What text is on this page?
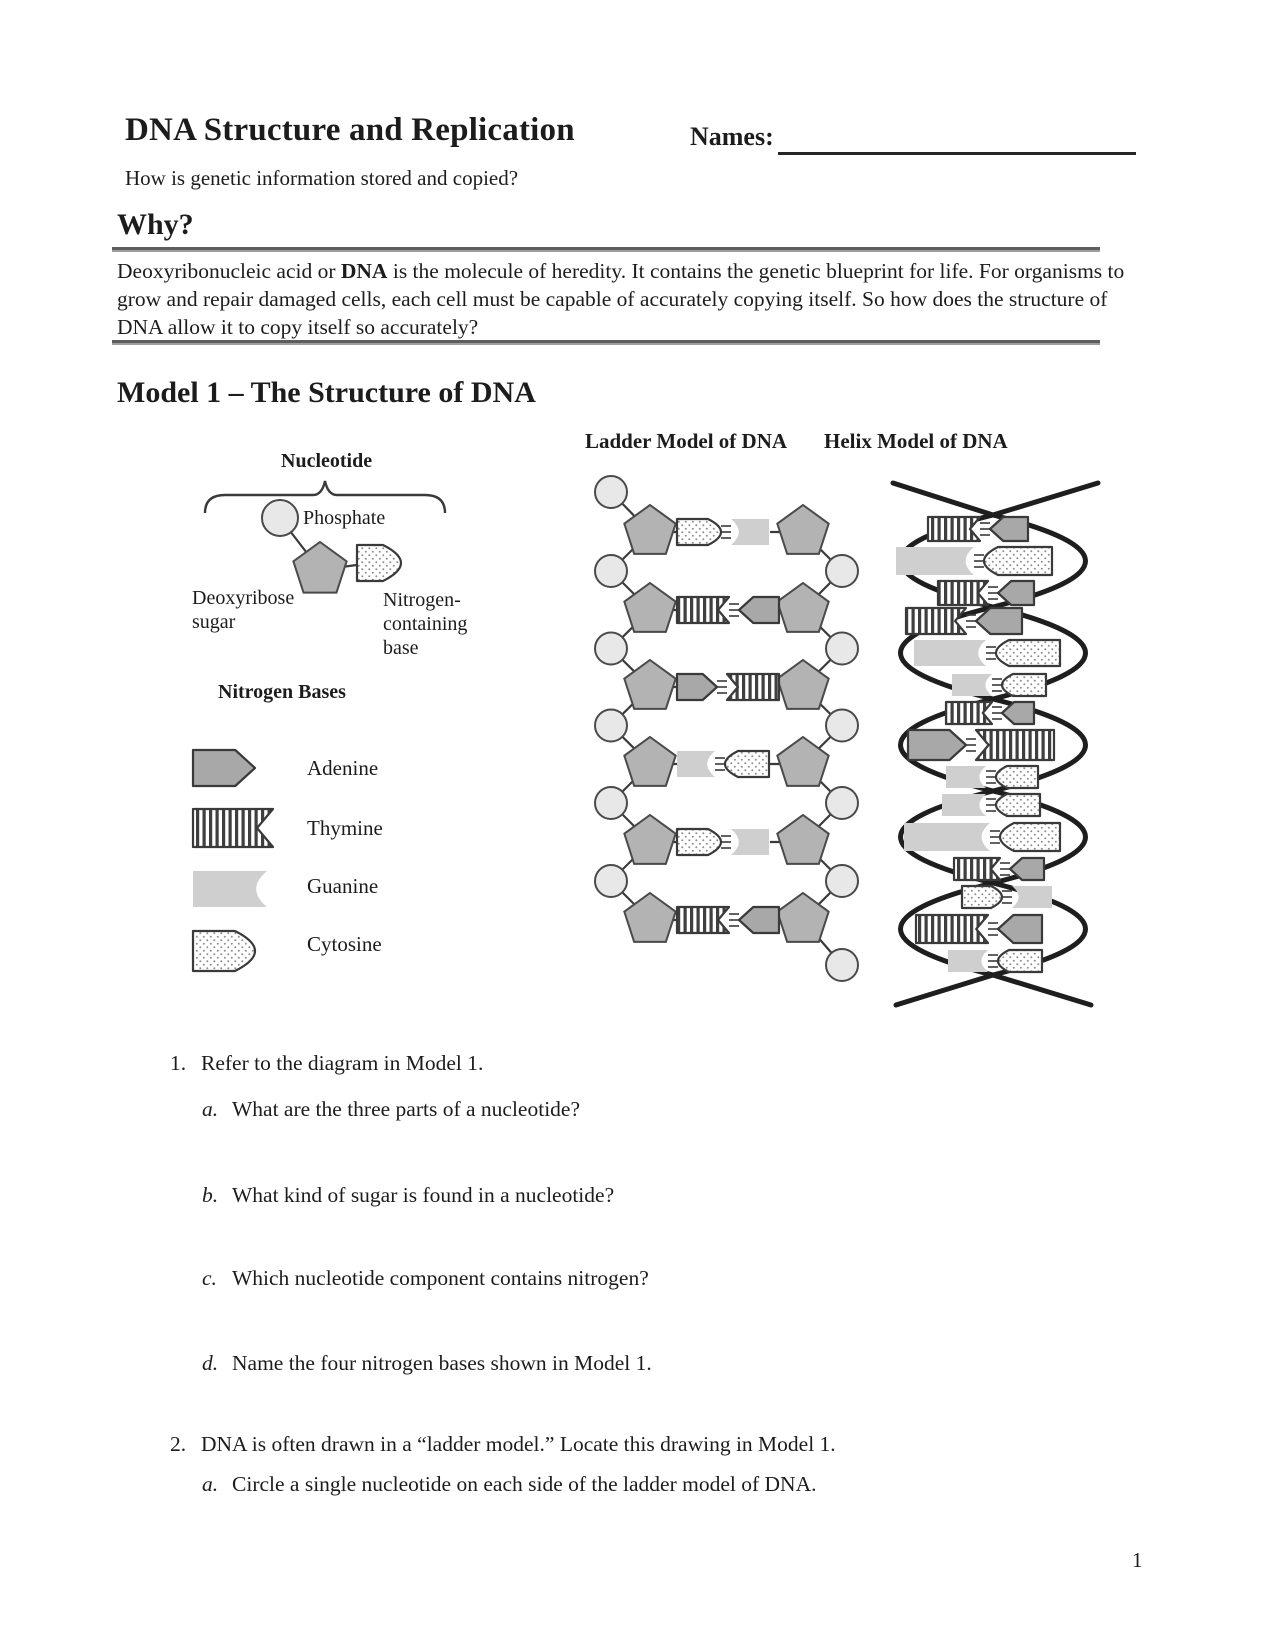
DNA Structure and Replication	Names:
How is genetic information stored and copied?
Why?
Deoxyribonucleic acid or DNA is the molecule of heredity. It contains the genetic blueprint for life. For organisms to grow and repair damaged cells, each cell must be capable of accurately copying itself. So how does the structure of DNA allow it to copy itself so accurately?
Model 1 – The Structure of DNA
Ladder Model of DNA Helix Model of DNA
Nucleotide
Phosphate
Deoxyribose
sugar
Nitrogen-
containing
base
Nitrogen Bases
Adenine
Thymine
Guanine
Cytosine
1. Refer to the diagram in Model 1.
a. What are the three parts of a nucleotide?
b. What kind of sugar is found in a nucleotide?
c. Which nucleotide component contains nitrogen?
d. Name the four nitrogen bases shown in Model 1.
2. DNA is often drawn in a “ladder model.” Locate this drawing in Model 1.
a. Circle a single nucleotide on each side of the ladder model of DNA.
1
